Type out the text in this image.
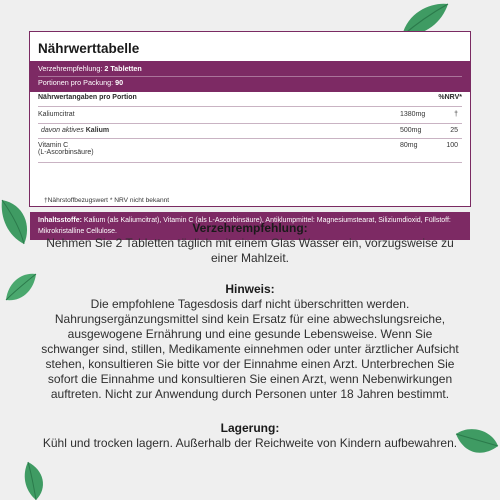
Nährwerttabelle
Verzehrempfehlung: 2 Tabletten
Portionen pro Packung: 90
Nährwertangaben pro Portion	%NRV*
Kaliumcitrat	1380mg	†
davon aktives Kalium	500mg	25
Vitamin C
(L-Ascorbinsäure)
80mg	100
†Nährstoffbezugswert * NRV nicht bekannt
Inhaltsstoffe: Kalium (als Kaliumcitrat), Vitamin C (als L-Ascorbinsäure), Antiklumpmittel: Magnesiumstearat, Siliziumdioxid, Füllstoff: Mikrokristalline Cellulose.	Verzehrempfehlung:
Nehmen Sie 2 Tabletten täglich mit einem Glas Wasser ein, vorzugsweise zu einer Mahlzeit.
Hinweis:
Die empfohlene Tagesdosis darf nicht überschritten werden. Nahrungsergänzungsmittel sind kein Ersatz für eine abwechslungsreiche, ausgewogene Ernährung und eine gesunde Lebensweise. Wenn Sie schwanger sind, stillen, Medikamente einnehmen oder unter ärztlicher Aufsicht stehen, konsultieren Sie bitte vor der Einnahme einen Arzt. Unterbrechen Sie sofort die Einnahme und konsultieren Sie einen Arzt, wenn Nebenwirkungen auftreten. Nicht zur Anwendung durch Personen unter 18 Jahren bestimmt.
Lagerung:
Kühl und trocken lagern. Außerhalb der Reichweite von Kindern aufbewahren.
